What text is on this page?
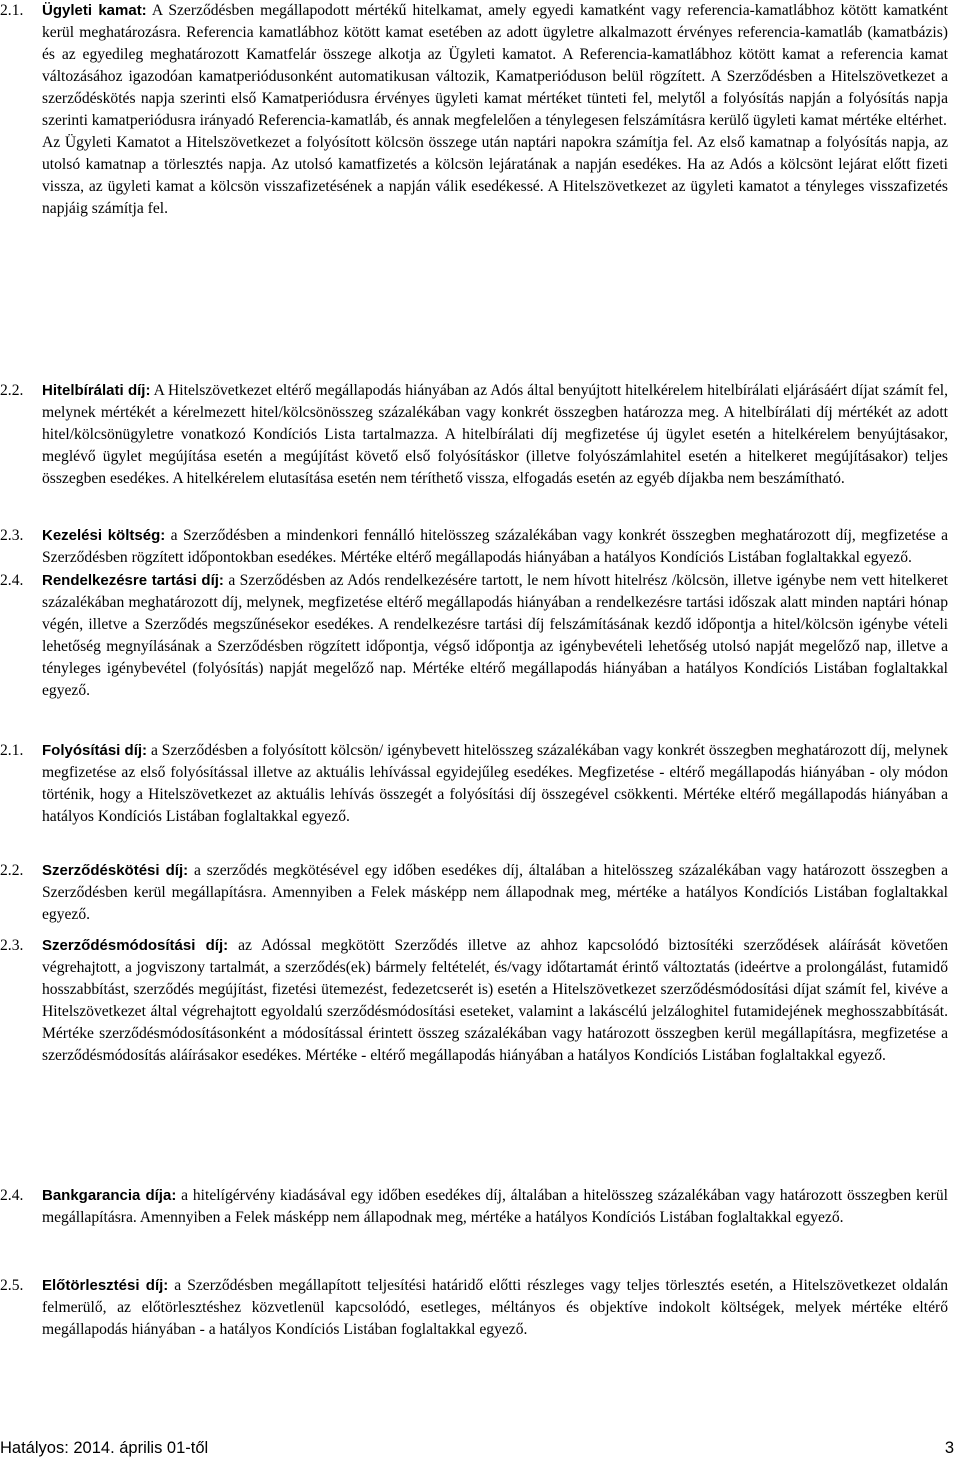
2.1. Ügyleti kamat: A Szerződésben megállapodott mértékű hitelkamat, amely egyedi kamatként vagy referencia-kamatlábhoz kötött kamatként kerül meghatározásra. Referencia kamatlábhoz kötött kamat esetében az adott ügyletre alkalmazott érvényes referencia-kamatláb (kamatbázis) és az egyedileg meghatározott Kamatfelár összege alkotja az Ügyleti kamatot. A Referencia-kamatlábhoz kötött kamat a referencia kamat változásához igazodóan kamatperiódusonként automatikusan változik, Kamatperióduson belül rögzített. A Szerződésben a Hitelszövetkezet a szerződéskötés napja szerinti első Kamatperiódusra érvényes ügyleti kamat mértéket tünteti fel, melytől a folyósítás napján a folyósítás napja szerinti kamatperiódusra irányadó Referencia-kamatláb, és annak megfelelően a ténylegesen felszámításra kerülő ügyleti kamat mértéke eltérhet.

Az Ügyleti Kamatot a Hitelszövetkezet a folyósított kölcsön összege után naptári napokra számítja fel. Az első kamatnap a folyósítás napja, az utolsó kamatnap a törlesztés napja. Az utolsó kamatfizetés a kölcsön lejáratának a napján esedékes. Ha az Adós a kölcsönt lejárat előtt fizeti vissza, az ügyleti kamat a kölcsön visszafizetésének a napján válik esedékessé. A Hitelszövetkezet az ügyleti kamatot a tényleges visszafizetés napjáig számítja fel.

2.2. Hitelbírálati díj: A Hitelszövetkezet eltérő megállapodás hiányában az Adós által benyújtott hitelkérelem hitelbírálati eljárásáért díjat számít fel, melynek mértékét a kérelmezett hitel/kölcsönösszeg százalékában vagy konkrét összegben határozza meg. A hitelbírálati díj mértékét az adott hitel/kölcsönügyletre vonatkozó Kondíciós Lista tartalmazza. A hitelbírálati díj megfizetése új ügylet esetén a hitelkérelem benyújtásakor, meglévő ügylet megújítása esetén a megújítást követő első folyósításkor (illetve folyószámlahitel esetén a hitelkeret megújításakor) teljes összegben esedékes. A hitelkérelem elutasítása esetén nem téríthető vissza, elfogadás esetén az egyéb díjakba nem beszámítható.

2.3. Kezelési költség: a Szerződésben a mindenkori fennálló hitelösszeg százalékában vagy konkrét összegben meghatározott díj, megfizetése a Szerződésben rögzített időpontokban esedékes. Mértéke eltérő megállapodás hiányában a hatályos Kondíciós Listában foglaltakkal egyező.

2.4. Rendelkezésre tartási díj: a Szerződésben az Adós rendelkezésére tartott, le nem hívott hitelrész /kölcsön, illetve igénybe nem vett hitelkeret százalékában meghatározott díj, melynek, megfizetése eltérő megállapodás hiányában a rendelkezésre tartási időszak alatt minden naptári hónap végén, illetve a Szerződés megszűnésekor esedékes. A rendelkezésre tartási díj felszámításának kezdő időpontja a hitel/kölcsön igénybe vételi lehetőség megnyílásának a Szerződésben rögzített időpontja, végső időpontja az igénybevételi lehetőség utolsó napját megelőző nap, illetve a tényleges igénybevétel (folyósítás) napját megelőző nap. Mértéke eltérő megállapodás hiányában a hatályos Kondíciós Listában foglaltakkal egyező.

2.1. Folyósítási díj: a Szerződésben a folyósított kölcsön/ igénybevett hitelösszeg százalékában vagy konkrét összegben meghatározott díj, melynek megfizetése az első folyósítással illetve az aktuális lehívással egyidejűleg esedékes. Megfizetése - eltérő megállapodás hiányában - oly módon történik, hogy a Hitelszövetkezet az aktuális lehívás összegét a folyósítási díj összegével csökkenti. Mértéke eltérő megállapodás hiányában a hatályos Kondíciós Listában foglaltakkal egyező.

2.2. Szerződéskötési díj: a szerződés megkötésével egy időben esedékes díj, általában a hitelösszeg százalékában vagy határozott összegben a Szerződésben kerül megállapításra. Amennyiben a Felek másképp nem állapodnak meg, mértéke a hatályos Kondíciós Listában foglaltakkal egyező.

2.3. Szerződésmódosítási díj: az Adóssal megkötött Szerződés illetve az ahhoz kapcsolódó biztosítéki szerződések aláírását követően végrehajtott, a jogviszony tartalmát, a szerződés(ek) bármely feltételét, és/vagy időtartamát érintő változtatás (ideértve a prolongálást, futamidő hosszabbítást, szerződés megújítást, fizetési ütemezést, fedezetcserét is) esetén a Hitelszövetkezet szerződésmódosítási díjat számít fel, kivéve a Hitelszövetkezet által végrehajtott egyoldalú szerződésmódosítási eseteket, valamint a lakáscélú jelzáloghitel futamidejének meghosszabbítását. Mértéke szerződésmódosításonként a módosítással érintett összeg százalékában vagy határozott összegben kerül megállapításra, megfizetése a szerződésmódosítás aláírásakor esedékes. Mértéke - eltérő megállapodás hiányában a hatályos Kondíciós Listában foglaltakkal egyező.

2.4. Bankgarancia díja: a hitelígérvény kiadásával egy időben esedékes díj, általában a hitelösszeg százalékában vagy határozott összegben kerül megállapításra. Amennyiben a Felek másképp nem állapodnak meg, mértéke a hatályos Kondíciós Listában foglaltakkal egyező.

2.5. Előtörlesztési díj: a Szerződésben megállapított teljesítési határidő előtti részleges vagy teljes törlesztés esetén, a Hitelszövetkezet oldalán felmerülő, az előtörlesztéshez közvetlenül kapcsolódó, esetleges, méltányos és objektíve indokolt költségek, melyek mértéke eltérő megállapodás hiányában - a hatályos Kondíciós Listában foglaltakkal egyező.

Hatályos: 2014. április 01-től	3
